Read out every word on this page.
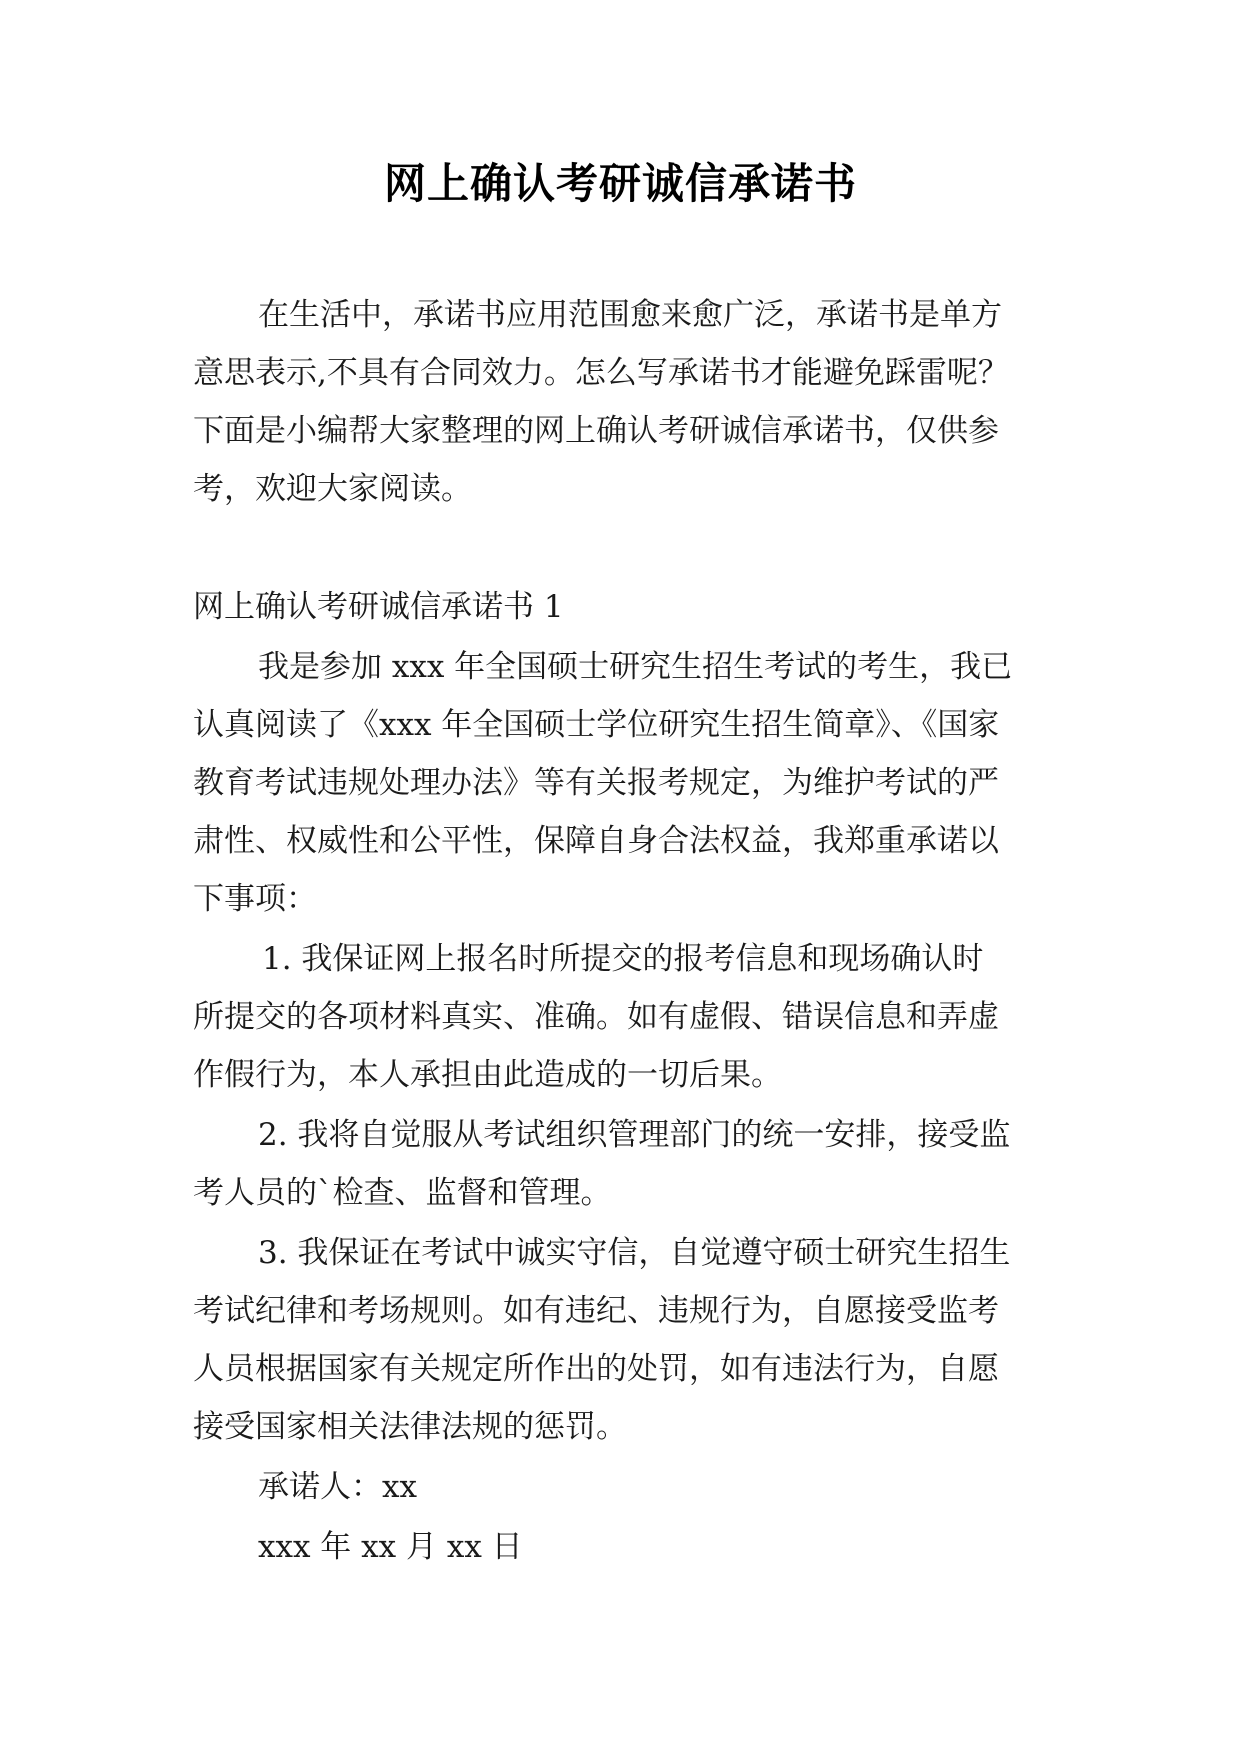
网上确认考研诚信承诺书
在生活中，承诺书应用范围愈来愈广泛，承诺书是单方
意思表示,不具有合同效力。怎么写承诺书才能避免踩雷呢？
下面是小编帮大家整理的网上确认考研诚信承诺书，仅供参
考，欢迎大家阅读。
网上确认考研诚信承诺书 1
我是参加 xxx 年全国硕士研究生招生考试的考生，我已
认真阅读了《xxx 年全国硕士学位研究生招生简章》、《国家
教育考试违规处理办法》等有关报考规定，为维护考试的严
肃性、权威性和公平性，保障自身合法权益，我郑重承诺以
下事项：
1. 我保证网上报名时所提交的报考信息和现场确认时
所提交的各项材料真实、准确。如有虚假、错误信息和弄虚
作假行为，本人承担由此造成的一切后果。
2. 我将自觉服从考试组织管理部门的统一安排，接受监
考人员的`检查、监督和管理。
3. 我保证在考试中诚实守信，自觉遵守硕士研究生招生
考试纪律和考场规则。如有违纪、违规行为，自愿接受监考
人员根据国家有关规定所作出的处罚，如有违法行为，自愿
接受国家相关法律法规的惩罚。
承诺人：xx
xxx 年 xx 月 xx 日
